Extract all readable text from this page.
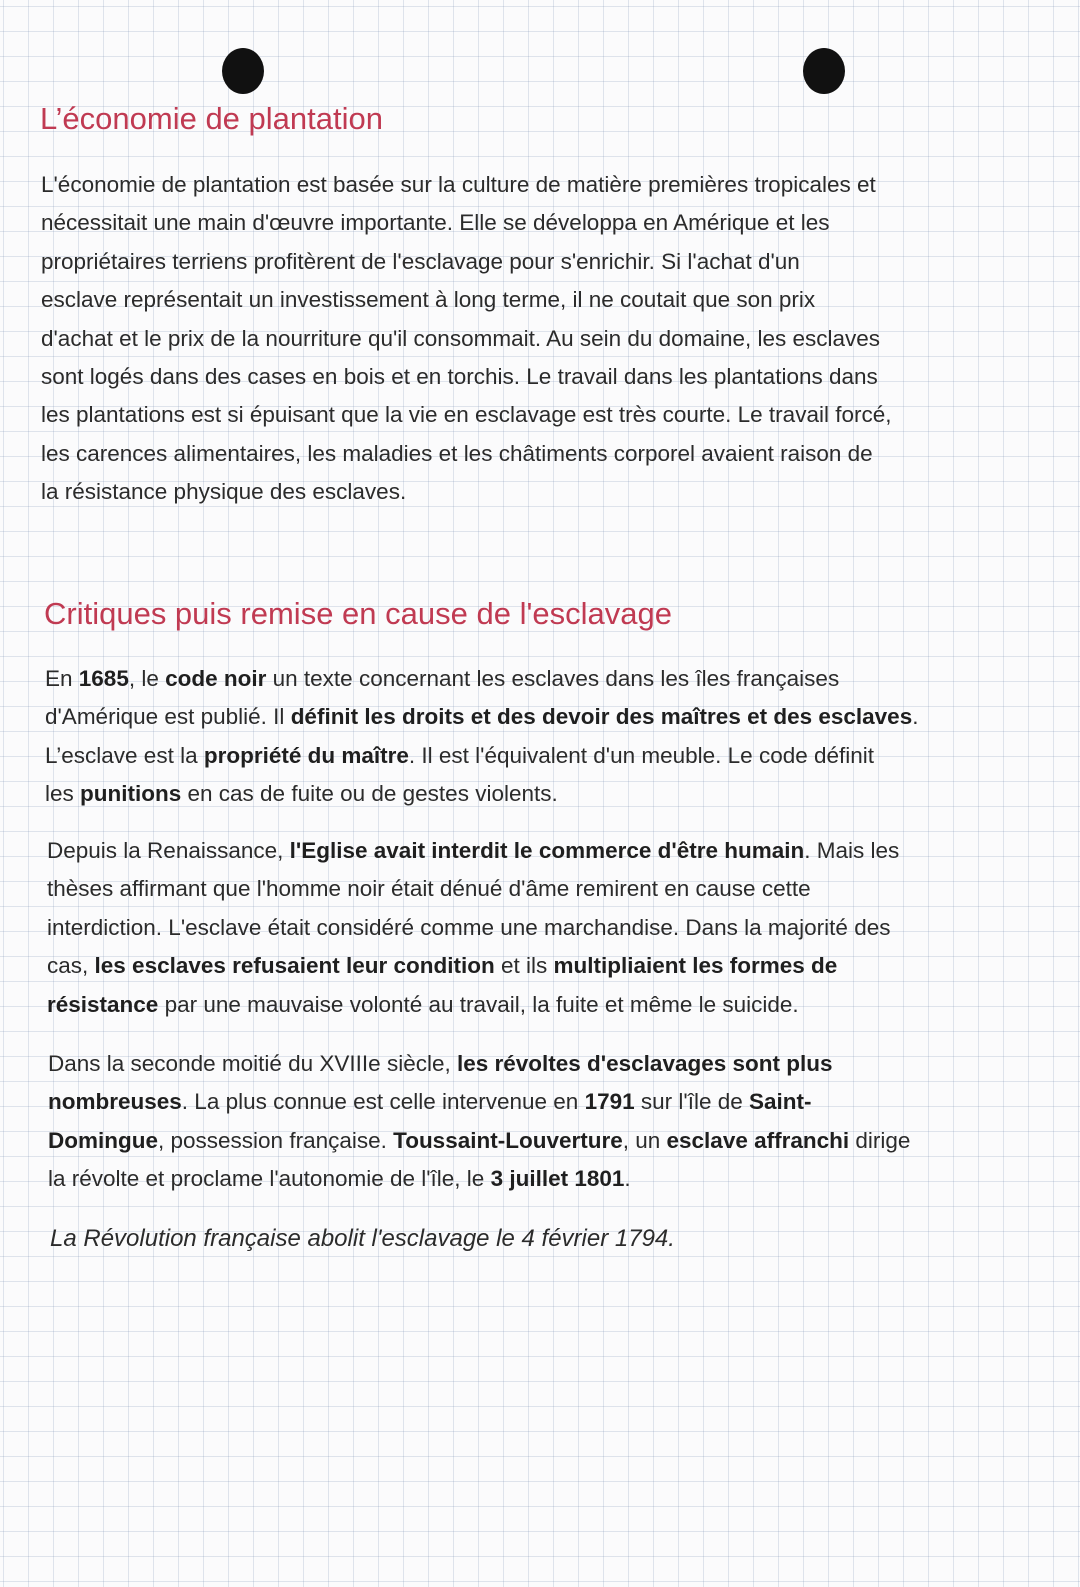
L’économie de plantation
L'économie de plantation est basée sur la culture de matière premières tropicales et
nécessitait une main d'œuvre importante. Elle se développa en Amérique et les
propriétaires terriens profitèrent de l'esclavage pour s'enrichir. Si l'achat d'un
esclave représentait un investissement à long terme, il ne coutait que son prix
d'achat et le prix de la nourriture qu'il consommait. Au sein du domaine, les esclaves
sont logés dans des cases en bois et en torchis. Le travail dans les plantations dans
les plantations est si épuisant que la vie en esclavage est très courte. Le travail forcé,
les carences alimentaires, les maladies et les châtiments corporel avaient raison de
la résistance physique des esclaves.
Critiques puis remise en cause de l'esclavage
En 1685, le code noir un texte concernant les esclaves dans les îles françaises
d'Amérique est publié. Il définit les droits et des devoir des maîtres et des esclaves.
L’esclave est la propriété du maître. Il est l'équivalent d'un meuble. Le code définit
les punitions en cas de fuite ou de gestes violents.
Depuis la Renaissance, l'Eglise avait interdit le commerce d'être humain. Mais les
thèses affirmant que l'homme noir était dénué d'âme remirent en cause cette
interdiction. L'esclave était considéré comme une marchandise. Dans la majorité des
cas, les esclaves refusaient leur condition et ils multipliaient les formes de
résistance par une mauvaise volonté au travail, la fuite et même le suicide.
Dans la seconde moitié du XVIIIe siècle, les révoltes d'esclavages sont plus
nombreuses. La plus connue est celle intervenue en 1791 sur l'île de Saint-
Domingue, possession française. Toussaint-Louverture, un esclave affranchi dirige
la révolte et proclame l'autonomie de l'île, le 3 juillet 1801.

La Révolution française abolit l'esclavage le 4 février 1794.
